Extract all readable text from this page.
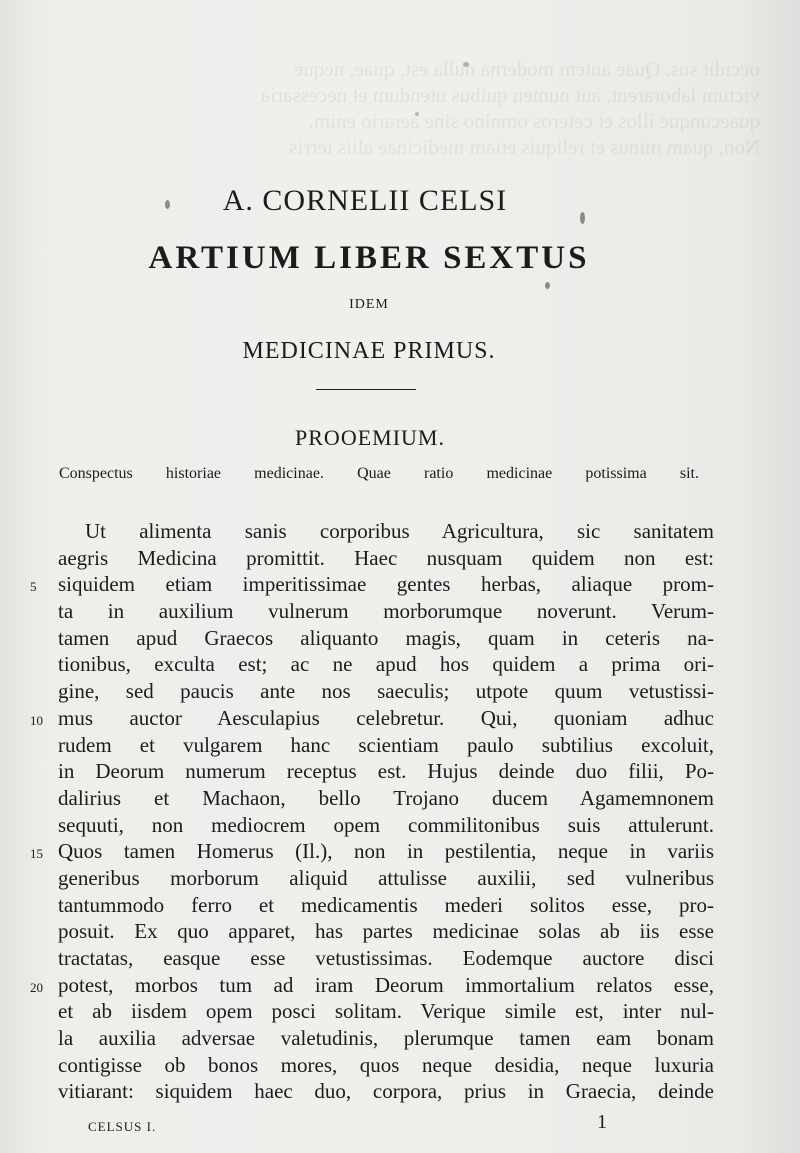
occidit sus. Quae autem moderna nulla est, quae, neque
victum laborarent, aut numen quibus utendum et necessaria
quaecunque illos et ceteros omnino sine aerario enim.
Non, quam minus et reliquis etiam medicinae aliis terris

A. CORNELII CELSI
ARTIUM LIBER SEXTUS
IDEM
MEDICINAE PRIMUS.
PROOEMIUM.
Conspectus historiae medicinae. Quae ratio medicinae potissima sit.
5
10
15
20
Ut alimenta sanis corporibus Agricultura, sic sanitatem
aegris Medicina promittit. Haec nusquam quidem non est:
siquidem etiam imperitissimae gentes herbas, aliaque prom-
ta in auxilium vulnerum morborumque noverunt. Verum-
tamen apud Graecos aliquanto magis, quam in ceteris na-
tionibus, exculta est; ac ne apud hos quidem a prima ori-
gine, sed paucis ante nos saeculis; utpote quum vetustissi-
mus auctor Aesculapius celebretur. Qui, quoniam adhuc
rudem et vulgarem hanc scientiam paulo subtilius excoluit,
in Deorum numerum receptus est. Hujus deinde duo filii, Po-
dalirius et Machaon, bello Trojano ducem Agamemnonem
sequuti, non mediocrem opem commilitonibus suis attulerunt.
Quos tamen Homerus (Il.), non in pestilentia, neque in variis
generibus morborum aliquid attulisse auxilii, sed vulneribus
tantummodo ferro et medicamentis mederi solitos esse, pro-
posuit. Ex quo apparet, has partes medicinae solas ab iis esse
tractatas, easque esse vetustissimas. Eodemque auctore disci
potest, morbos tum ad iram Deorum immortalium relatos esse,
et ab iisdem opem posci solitam. Verique simile est, inter nul-
la auxilia adversae valetudinis, plerumque tamen eam bonam
contigisse ob bonos mores, quos neque desidia, neque luxuria
vitiarant: siquidem haec duo, corpora, prius in Graecia, deinde
CELSUS I.	1
